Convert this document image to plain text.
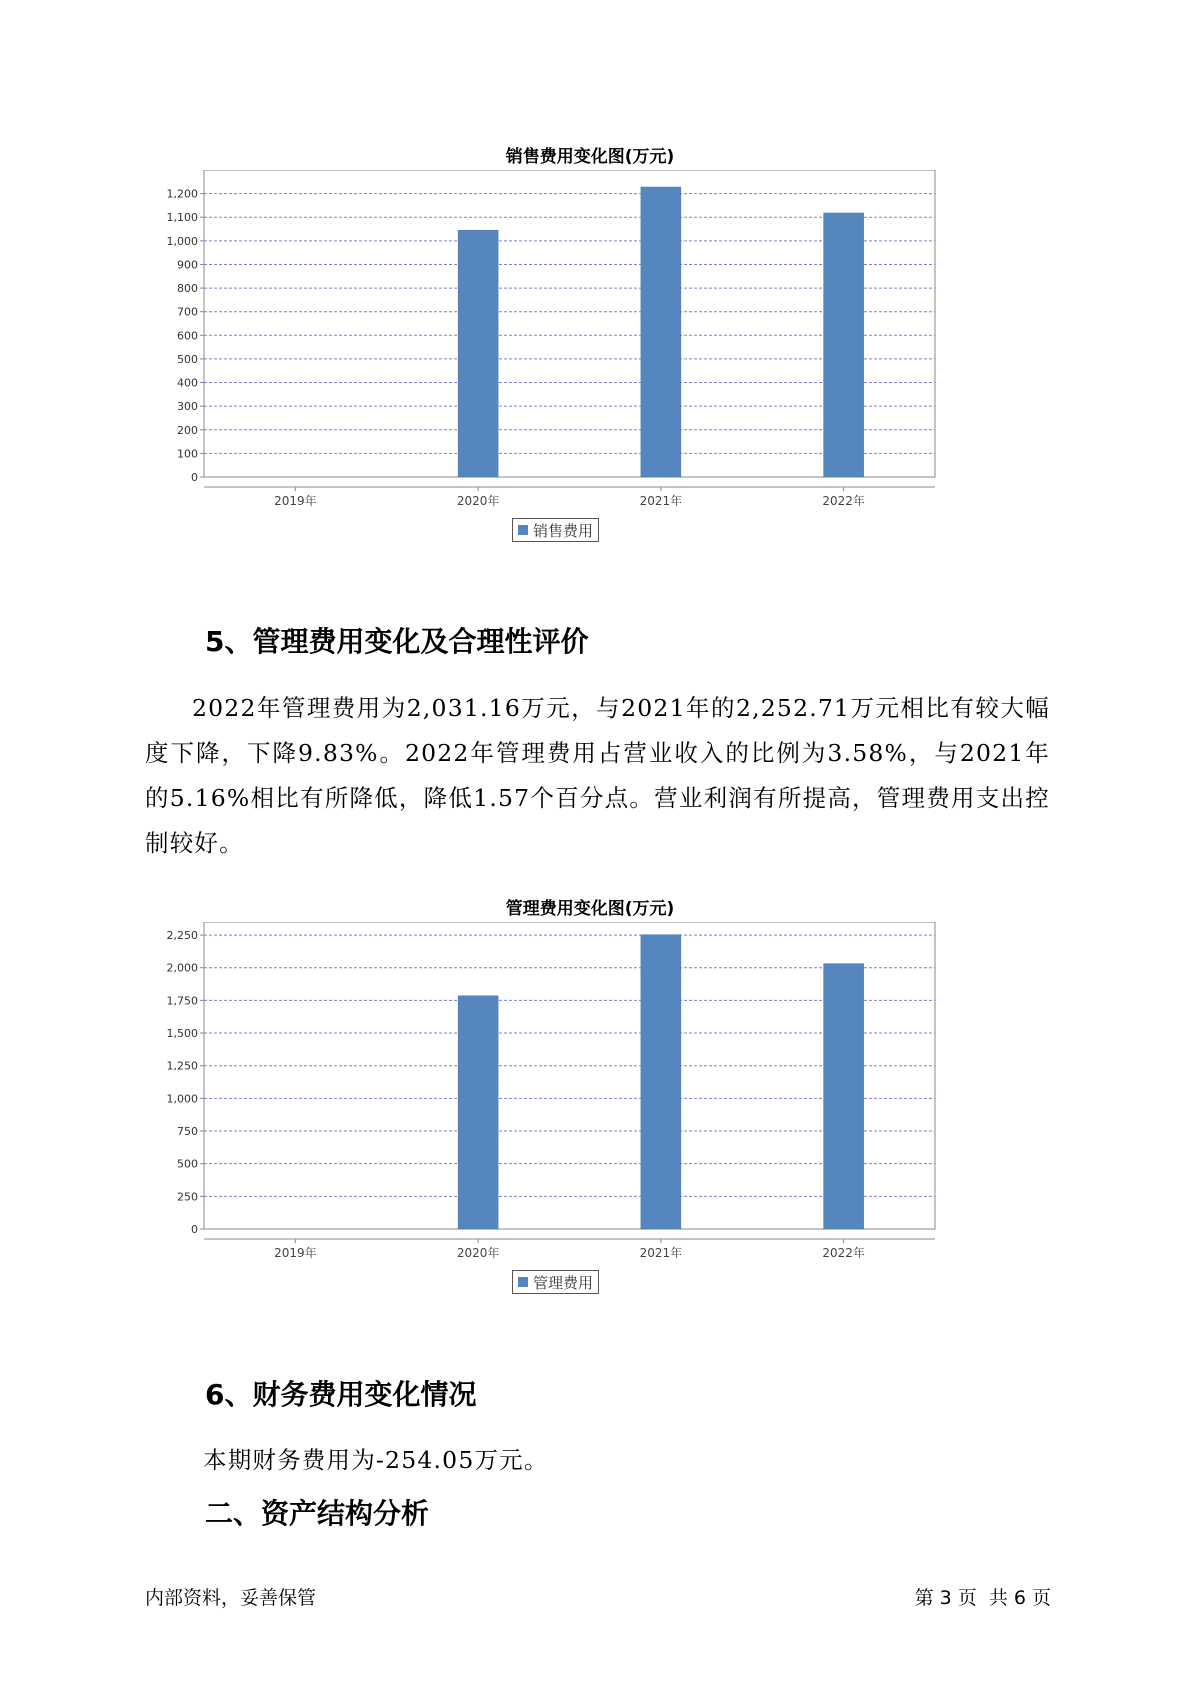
销售费用变化图(万元)
0
100
200
300
400
500
600
700
800
900
1,000
1,100
1,200
2019年	2020年	2021年	2022年
销售费用
5、管理费用变化及合理性评价
2022年管理费用为2,031.16万元，与2021年的2,252.71万元相比有较大幅度下降，下降9.83%。2022年管理费用占营业收入的比例为3.58%，与2021年的5.16%相比有所降低，降低1.57个百分点。营业利润有所提高，管理费用支出控制较好。
管理费用变化图(万元)
0
250
500
750
1,000
1,250
1,500
1,750
2,000
2,250
2019年	2020年	2021年	2022年
管理费用
6、财务费用变化情况
本期财务费用为-254.05万元。
二、资产结构分析
内部资料，妥善保管	第 3 页  共 6 页
